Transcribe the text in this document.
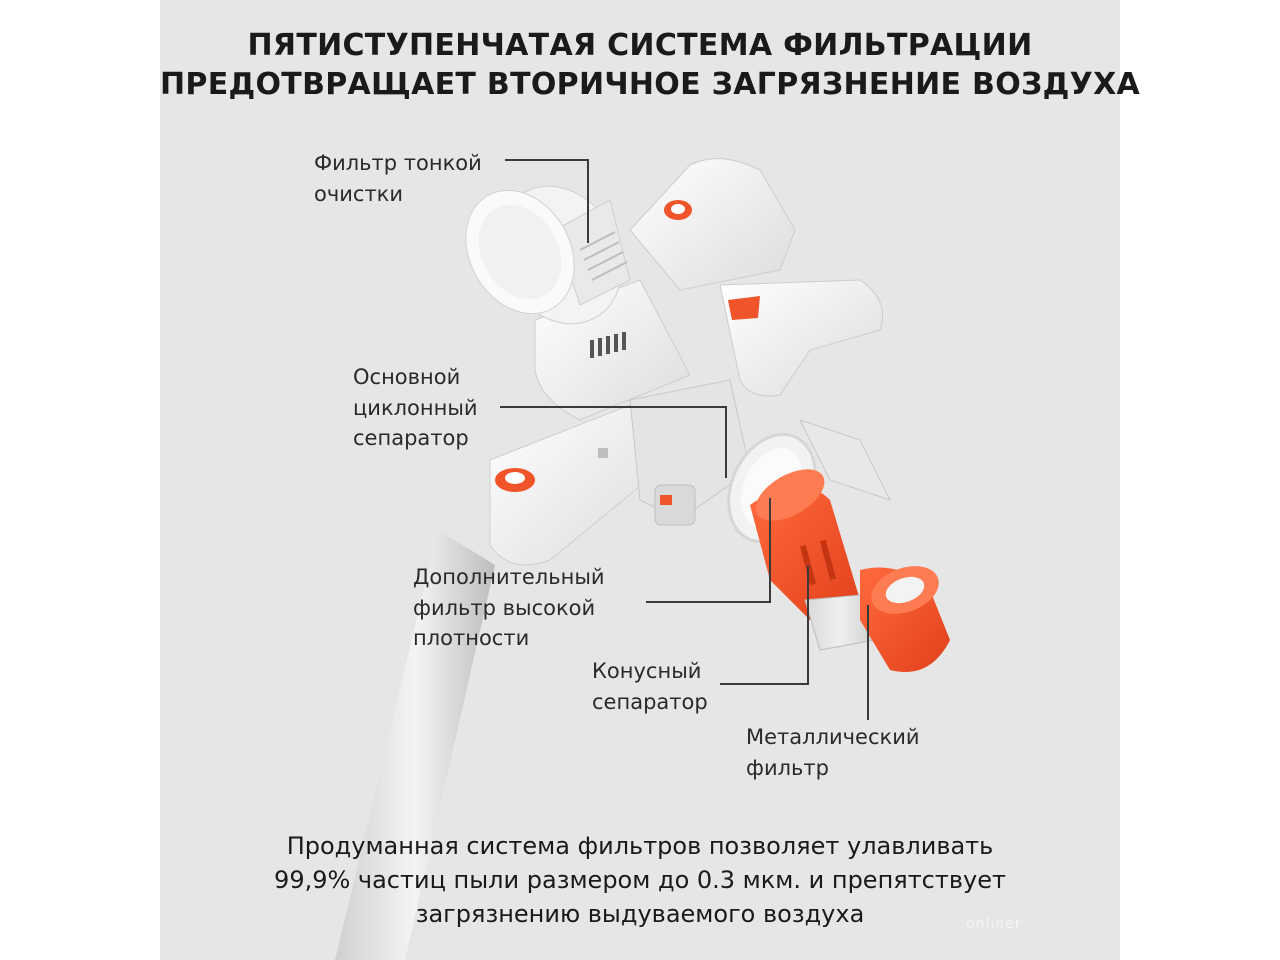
ПЯТИСТУПЕНЧАТАЯ СИСТЕМА ФИЛЬТРАЦИИ
ПРЕДОТВРАЩАЕТ ВТОРИЧНОЕ ЗАГРЯЗНЕНИЕ ВОЗДУХА
Фильтр тонкой
очистки
Основной
циклонный
сепаратор
Дополнительный
фильтр высокой
плотности
Конусный
сепаратор
Металлический
фильтр
Продуманная система фильтров позволяет улавливать
99,9% частиц пыли размером до 0.3 мкм. и препятствует
загрязнению выдуваемого воздуха	onliner
